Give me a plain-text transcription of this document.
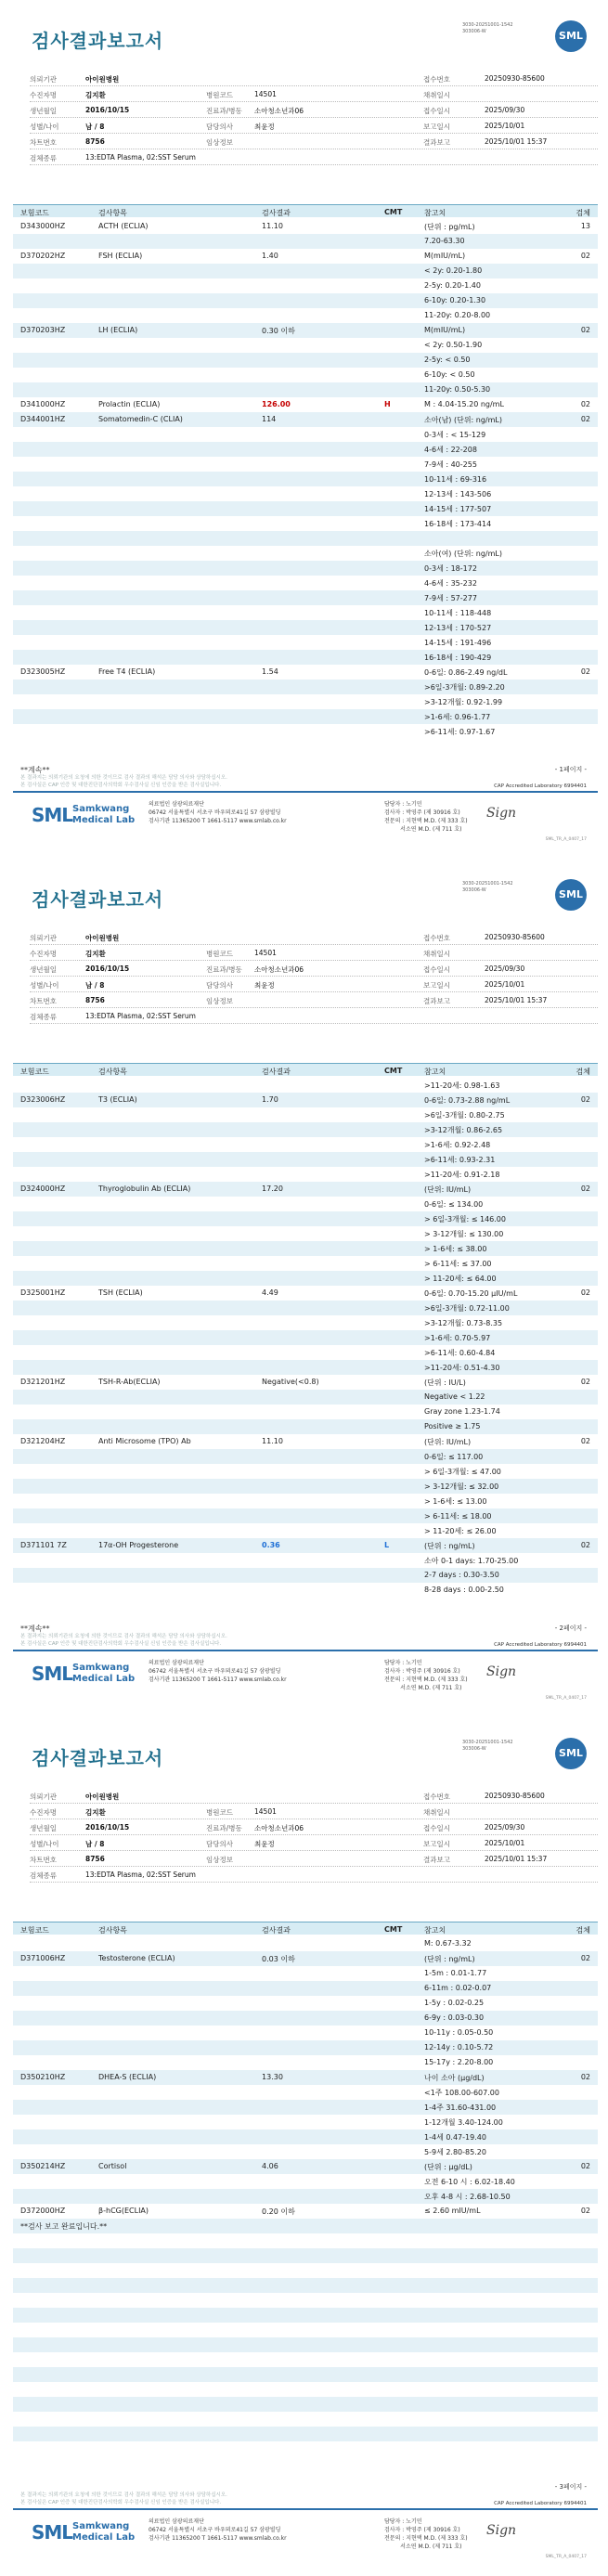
검사결과보고서
3030-20251001-1542
303006-W	SML
의뢰기관	아이원병원	접수번호	20250930-85600
수진자명	김지환	병원코드	14501	채취일시
생년월일	2016/10/15	진료과/병동 소아청소년과06	접수일시	2025/09/30
성별/나이	남 / 8	담당의사	최윤정	보고일시	2025/10/01
차트번호	8756	임상정보	결과보고	2025/10/01 15:37
검체종류	13:EDTA Plasma, 02:SST Serum
보험코드	검사항목	검사결과	CMT	참고치	검체
D343000HZ	ACTH (ECLIA)	11.10	(단위 : pg/mL)	13
7.20-63.30
D370202HZ	FSH (ECLIA)	1.40	M(mIU/mL)	02
< 2y: 0.20-1.80
2-5y: 0.20-1.40
6-10y: 0.20-1.30
11-20y: 0.20-8.00
D370203HZ	LH (ECLIA)	0.30 이하	M(mIU/mL)	02
< 2y: 0.50-1.90
2-5y: < 0.50
6-10y: < 0.50
11-20y: 0.50-5.30
D341000HZ	Prolactin (ECLIA)	126.00	H	M : 4.04-15.20 ng/mL	02
D344001HZ	Somatomedin-C (CLIA)	114	소아(남) (단위: ng/mL)	02
0-3세 : < 15-129
4-6세 : 22-208
7-9세 : 40-255
10-11세 : 69-316
12-13세 : 143-506
14-15세 : 177-507
16-18세 : 173-414
소아(여) (단위: ng/mL)
0-3세 : 18-172
4-6세 : 35-232
7-9세 : 57-277
10-11세 : 118-448
12-13세 : 170-527
14-15세 : 191-496
16-18세 : 190-429
D323005HZ	Free T4 (ECLIA)	1.54	0-6일: 0.86-2.49 ng/dL	02
>6일-3개월: 0.89-2.20
>3-12개월: 0.92-1.99
>1-6세: 0.96-1.77
>6-11세: 0.97-1.67
**계속**	- 1페이지 -
본 결과지는 의뢰기관의 요청에 의한 것이므로 검사 결과의 해석은 담당 의사와 상담하십시오.
본 검사실은 CAP 인증 및 대한진단검사의학회 우수검사실 신임 인증을 받은 검사실입니다.	CAP Accredited Laboratory 6994401
SML Samkwang
Medical Lab
의료법인 삼광의료재단
06742 서울특별시 서초구 바우뫼로41길 57 삼광빌딩
검사기관 11365200 T 1661-5117 www.smlab.co.kr
담당자 : 노기민
검사자 : 박영주 (제 30916 호)
전문의 : 지현택 M.D. (제 333 호)
서소연 M.D. (제 711 호)
Sign
SML_TR_A_0407_17
검사결과보고서
3030-20251001-1542
303006-W	SML
의뢰기관	아이원병원	접수번호	20250930-85600
수진자명	김지환	병원코드	14501	채취일시
생년월일	2016/10/15	진료과/병동 소아청소년과06	접수일시	2025/09/30
성별/나이	남 / 8	담당의사	최윤정	보고일시	2025/10/01
차트번호	8756	임상정보	결과보고	2025/10/01 15:37
검체종류	13:EDTA Plasma, 02:SST Serum
보험코드	검사항목	검사결과	CMT	참고치	검체
>11-20세: 0.98-1.63
D323006HZ	T3 (ECLIA)	1.70	0-6일: 0.73-2.88 ng/mL	02
>6일-3개월: 0.80-2.75
>3-12개월: 0.86-2.65
>1-6세: 0.92-2.48
>6-11세: 0.93-2.31
>11-20세: 0.91-2.18
D324000HZ	Thyroglobulin Ab (ECLIA)	17.20	(단위: IU/mL)	02
0-6일: ≤ 134.00
> 6일-3개월: ≤ 146.00
> 3-12개월: ≤ 130.00
> 1-6세: ≤ 38.00
> 6-11세: ≤ 37.00
> 11-20세: ≤ 64.00
D325001HZ	TSH (ECLIA)	4.49	0-6일: 0.70-15.20 μIU/mL	02
>6일-3개월: 0.72-11.00
>3-12개월: 0.73-8.35
>1-6세: 0.70-5.97
>6-11세: 0.60-4.84
>11-20세: 0.51-4.30
D321201HZ	TSH-R-Ab(ECLIA)	Negative(<0.8)	(단위 : IU/L)	02
Negative < 1.22
Gray zone 1.23-1.74
Positive ≥ 1.75
D321204HZ	Anti Microsome (TPO) Ab	11.10	(단위: IU/mL)	02
0-6일: ≤ 117.00
> 6일-3개월: ≤ 47.00
> 3-12개월: ≤ 32.00
> 1-6세: ≤ 13.00
> 6-11세: ≤ 18.00
> 11-20세: ≤ 26.00
D371101 7Z	17α-OH Progesterone	0.36	L	(단위 : ng/mL)	02
소아 0-1 days: 1.70-25.00
2-7 days : 0.30-3.50
8-28 days : 0.00-2.50
**계속**	- 2페이지 -
본 결과지는 의뢰기관의 요청에 의한 것이므로 검사 결과의 해석은 담당 의사와 상담하십시오.
본 검사실은 CAP 인증 및 대한진단검사의학회 우수검사실 신임 인증을 받은 검사실입니다.	CAP Accredited Laboratory 6994401
SML Samkwang
Medical Lab
의료법인 삼광의료재단
06742 서울특별시 서초구 바우뫼로41길 57 삼광빌딩
검사기관 11365200 T 1661-5117 www.smlab.co.kr
담당자 : 노기민
검사자 : 박영주 (제 30916 호)
전문의 : 지현택 M.D. (제 333 호)
서소연 M.D. (제 711 호)
Sign
SML_TR_A_0407_17
검사결과보고서
3030-20251001-1542
303006-W	SML
의뢰기관	아이원병원	접수번호	20250930-85600
수진자명	김지환	병원코드	14501	채취일시
생년월일	2016/10/15	진료과/병동 소아청소년과06	접수일시	2025/09/30
성별/나이	남 / 8	담당의사	최윤정	보고일시	2025/10/01
차트번호	8756	임상정보	결과보고	2025/10/01 15:37
검체종류	13:EDTA Plasma, 02:SST Serum
보험코드	검사항목	검사결과	CMT	참고치	검체
M: 0.67-3.32
D371006HZ	Testosterone (ECLIA)	0.03 이하	(단위 : ng/mL)	02
1-5m : 0.01-1.77
6-11m : 0.02-0.07
1-5y : 0.02-0.25
6-9y : 0.03-0.30
10-11y : 0.05-0.50
12-14y : 0.10-5.72
15-17y : 2.20-8.00
D350210HZ	DHEA-S (ECLIA)	13.30	나이 소아 (μg/dL)	02
<1주 108.00-607.00
1-4주 31.60-431.00
1-12개월 3.40-124.00
1-4세 0.47-19.40
5-9세 2.80-85.20
D350214HZ	Cortisol	4.06	(단위 : μg/dL)	02
오전 6-10 시 : 6.02-18.40
오후 4-8 시 : 2.68-10.50
D372000HZ	β-hCG(ECLIA)	0.20 이하	≤ 2.60 mIU/mL	02
**검사 보고 완료입니다.**
- 3페이지 -
본 결과지는 의뢰기관의 요청에 의한 것이므로 검사 결과의 해석은 담당 의사와 상담하십시오.
본 검사실은 CAP 인증 및 대한진단검사의학회 우수검사실 신임 인증을 받은 검사실입니다.	CAP Accredited Laboratory 6994401
SML Samkwang
Medical Lab
의료법인 삼광의료재단
06742 서울특별시 서초구 바우뫼로41길 57 삼광빌딩
검사기관 11365200 T 1661-5117 www.smlab.co.kr
담당자 : 노기민
검사자 : 박영주 (제 30916 호)
전문의 : 지현택 M.D. (제 333 호)
서소연 M.D. (제 711 호)
Sign
SML_TR_A_0407_17
